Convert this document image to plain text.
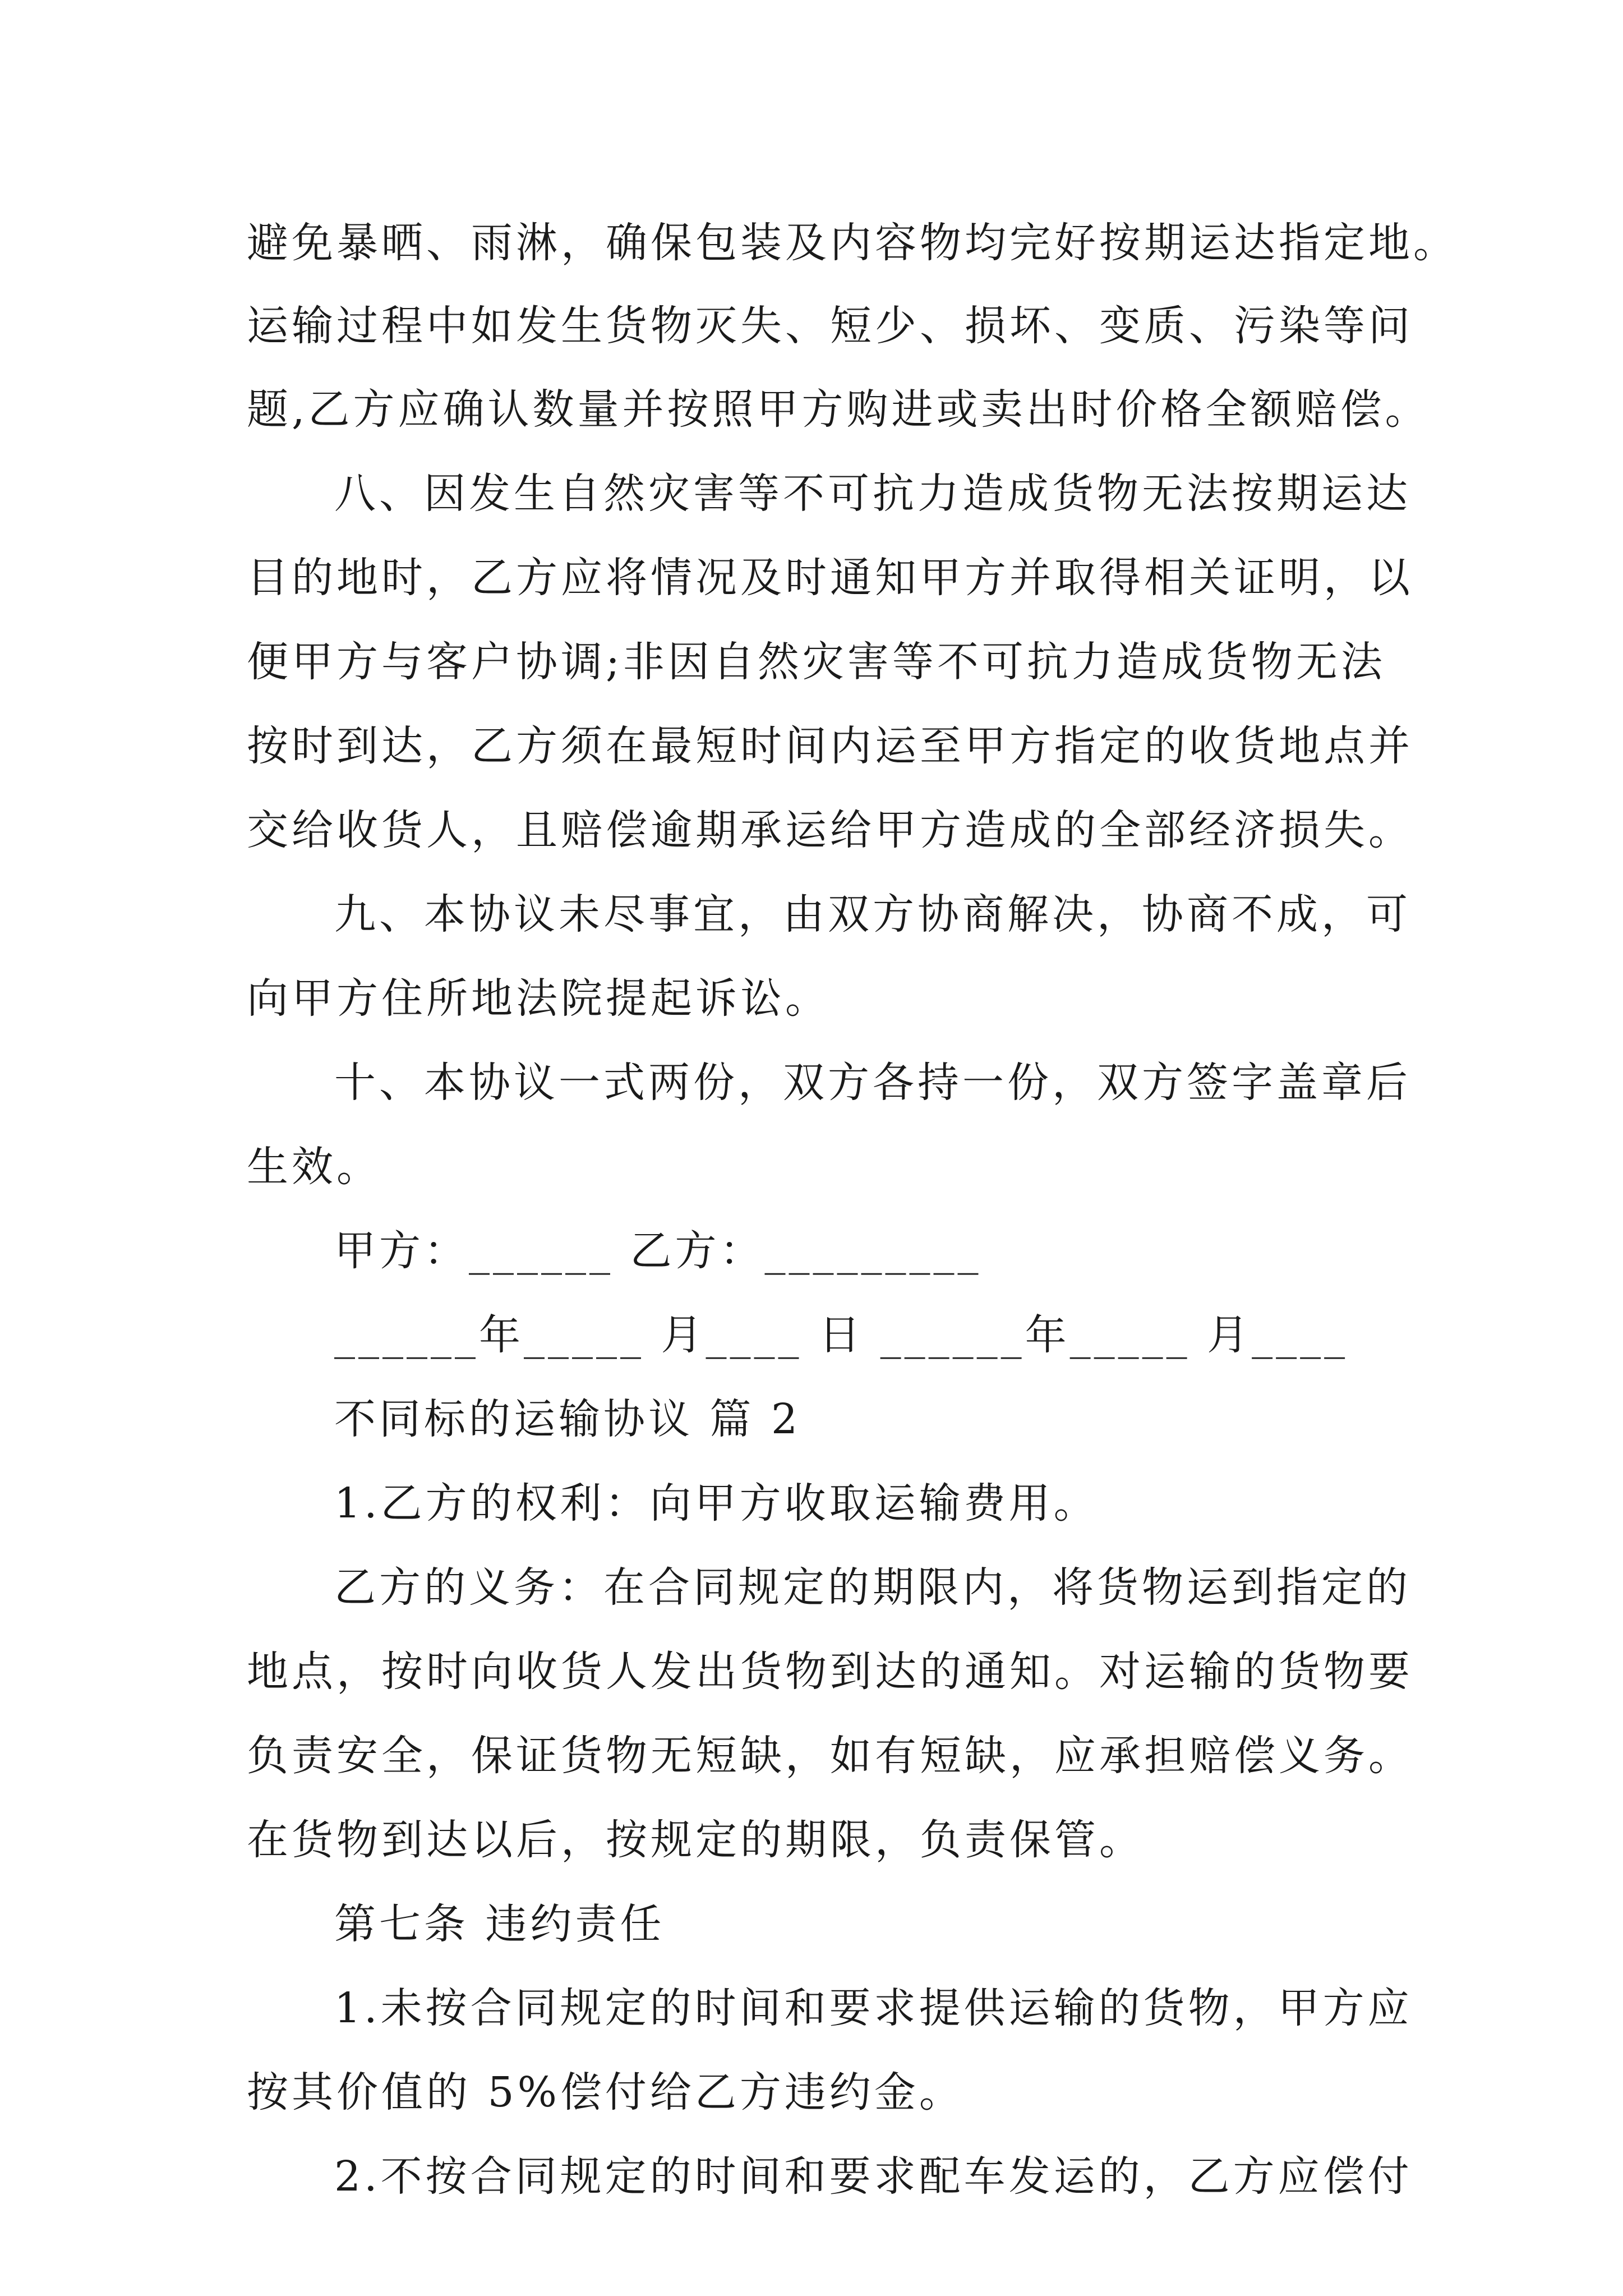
避免暴晒、雨淋，确保包装及内容物均完好按期运达指定地。
运输过程中如发生货物灭失、短少、损坏、变质、污染等问
题,乙方应确认数量并按照甲方购进或卖出时价格全额赔偿。
八、因发生自然灾害等不可抗力造成货物无法按期运达
目的地时，乙方应将情况及时通知甲方并取得相关证明，以
便甲方与客户协调;非因自然灾害等不可抗力造成货物无法
按时到达，乙方须在最短时间内运至甲方指定的收货地点并
交给收货人，且赔偿逾期承运给甲方造成的全部经济损失。
九、本协议未尽事宜，由双方协商解决，协商不成，可
向甲方住所地法院提起诉讼。
十、本协议一式两份，双方各持一份，双方签字盖章后
生效。
甲方：______ 乙方：_________
______年_____ 月____ 日 ______年_____ 月____
不同标的运输协议 篇 2
1.乙方的权利：向甲方收取运输费用。
乙方的义务：在合同规定的期限内，将货物运到指定的
地点，按时向收货人发出货物到达的通知。对运输的货物要
负责安全，保证货物无短缺，如有短缺，应承担赔偿义务。
在货物到达以后，按规定的期限，负责保管。
第七条 违约责任
1.未按合同规定的时间和要求提供运输的货物，甲方应
按其价值的 5%偿付给乙方违约金。
2.不按合同规定的时间和要求配车发运的，乙方应偿付
